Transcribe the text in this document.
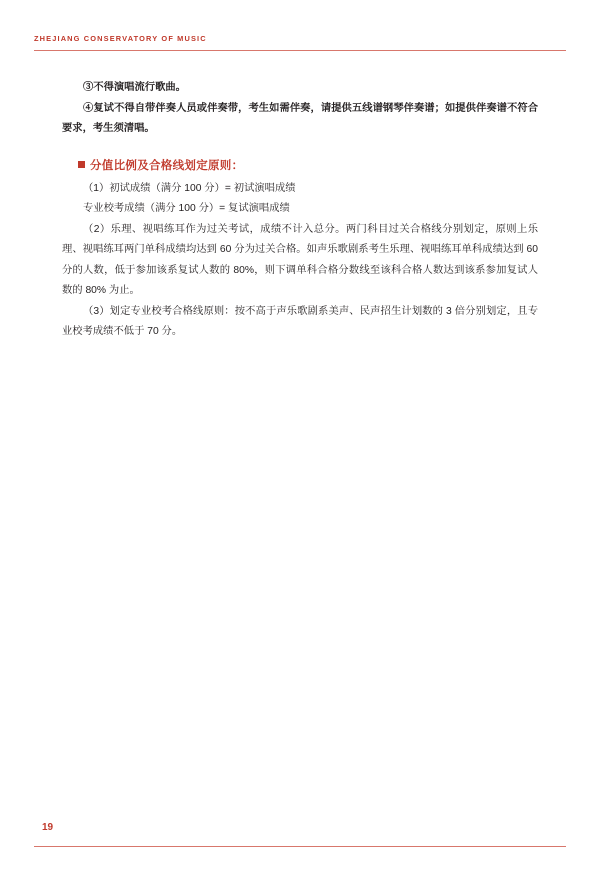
ZHEJIANG CONSERVATORY OF MUSIC

③不得演唱流行歌曲。

④复试不得自带伴奏人员或伴奏带，考生如需伴奏，请提供五线谱钢琴伴奏谱；如提供伴奏谱不符合要求，考生须清唱。

分值比例及合格线划定原则：

（1）初试成绩（满分 100 分）= 初试演唱成绩

专业校考成绩（满分 100 分）= 复试演唱成绩

（2）乐理、视唱练耳作为过关考试，成绩不计入总分。两门科目过关合格线分别划定，原则上乐理、视唱练耳两门单科成绩均达到 60 分为过关合格。如声乐歌剧系考生乐理、视唱练耳单科成绩达到 60 分的人数，低于参加该系复试人数的 80%，则下调单科合格分数线至该科合格人数达到该系参加复试人数的 80% 为止。

（3）划定专业校考合格线原则：按不高于声乐歌剧系美声、民声招生计划数的 3 倍分别划定，且专业校考成绩不低于 70 分。

19
